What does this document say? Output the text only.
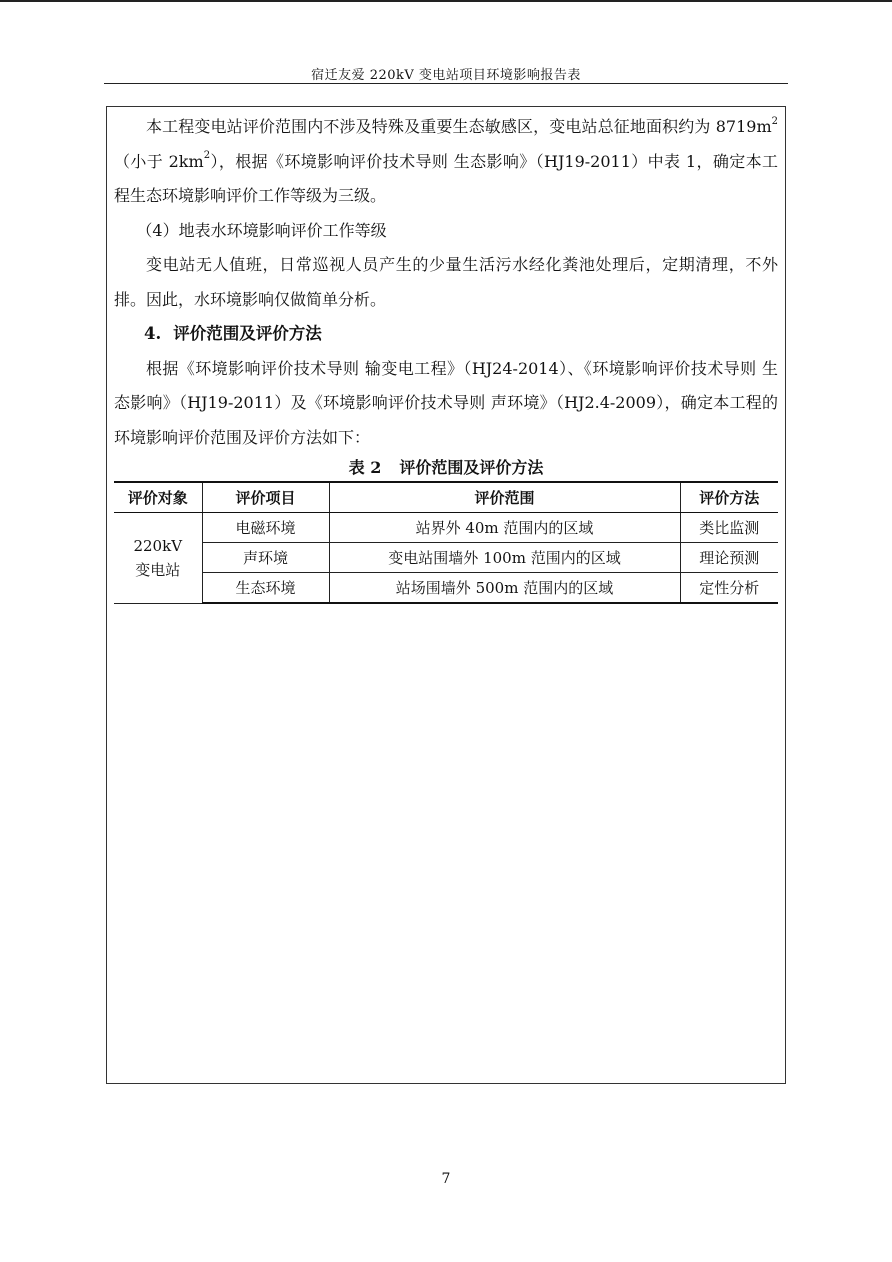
宿迁友爱 220kV 变电站项目环境影响报告表

本工程变电站评价范围内不涉及特殊及重要生态敏感区，变电站总征地面积约为 $8719m^2$（小于 $2km^2$），根据《环境影响评价技术导则 生态影响》（HJ19-2011）中表 1，确定本工程生态环境影响评价工作等级为三级。

（4）地表水环境影响评价工作等级

变电站无人值班，日常巡视人员产生的少量生活污水经化粪池处理后，定期清理，不外排。因此，水环境影响仅做简单分析。

4. 评价范围及评价方法

根据《环境影响评价技术导则 输变电工程》（HJ24-2014）、《环境影响评价技术导则 生态影响》（HJ19-2011）及《环境影响评价技术导则 声环境》（HJ2.4-2009），确定本工程的环境影响评价范围及评价方法如下：

表 2 评价范围及评价方法
评价对象	评价项目	评价范围	评价方法

220kV
变电站	电磁环境	站界外 40m 范围内的区域	类比监测
	声环境	变电站围墙外 100m 范围内的区域	理论预测
	生态环境	站场围墙外 500m 范围内的区域	定性分析
7
